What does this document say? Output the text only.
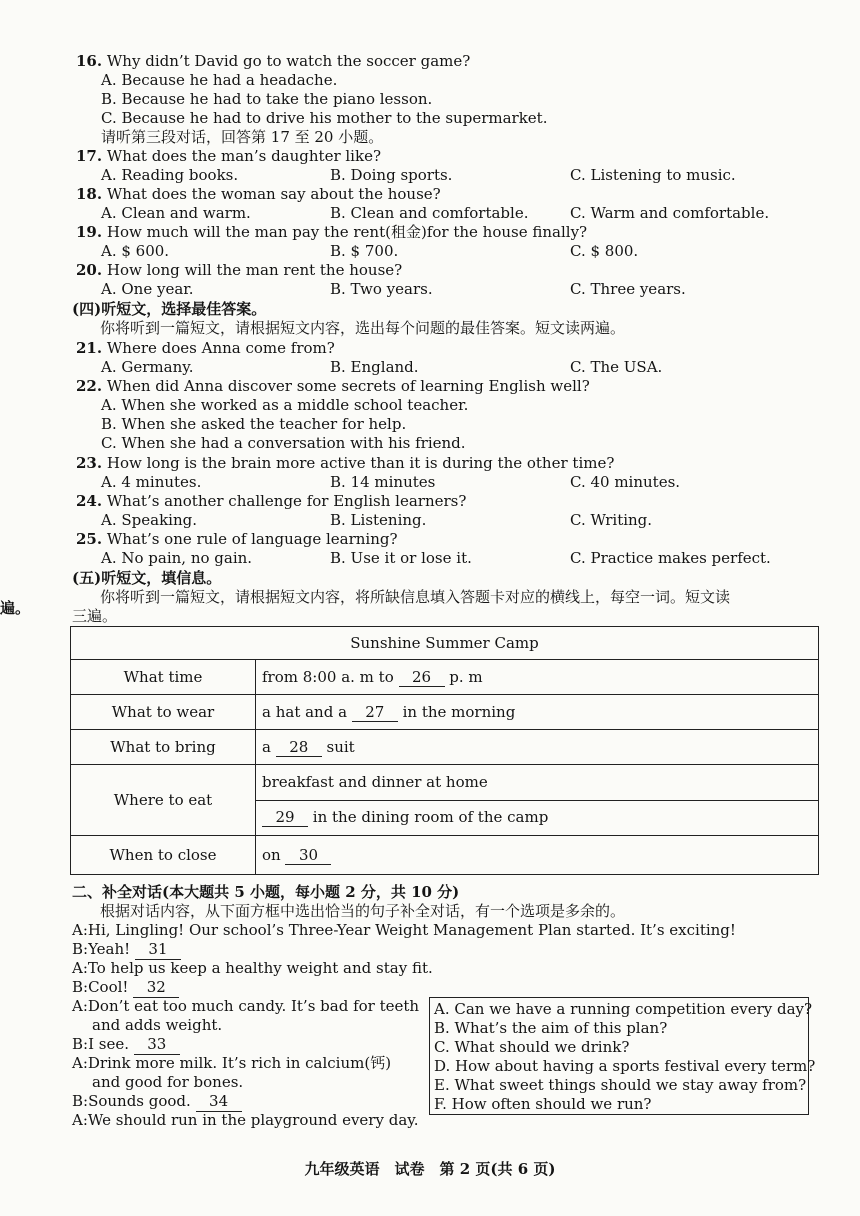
16. Why didn’t David go to watch the soccer game?
A. Because he had a headache.
B. Because he had to take the piano lesson.
C. Because he had to drive his mother to the supermarket.
请听第三段对话，回答第 17 至 20 小题。
17. What does the man’s daughter like?
A. Reading books.	B. Doing sports.	C. Listening to music.
18. What does the woman say about the house?
A. Clean and warm.	B. Clean and comfortable.	C. Warm and comfortable.
19. How much will the man pay the rent(租金)for the house finally?
A. $ 600.	B. $ 700.	C. $ 800.
20. How long will the man rent the house?
A. One year.	B. Two years.	C. Three years.
(四)听短文，选择最佳答案。
你将听到一篇短文，请根据短文内容，选出每个问题的最佳答案。短文读两遍。
21. Where does Anna come from?
A. Germany.	B. England.	C. The USA.
22. When did Anna discover some secrets of learning English well?
A. When she worked as a middle school teacher.
B. When she asked the teacher for help.
C. When she had a conversation with his friend.
23. How long is the brain more active than it is during the other time?
A. 4 minutes.	B. 14 minutes	C. 40 minutes.
24. What’s another challenge for English learners?
A. Speaking.	B. Listening.	C. Writing.
25. What’s one rule of language learning?
A. No pain, no gain.	B. Use it or lose it.	C. Practice makes perfect.
(五)听短文，填信息。
你将听到一篇短文，请根据短文内容，将所缺信息填入答题卡对应的横线上，每空一词。短文读
三遍。
遍。
Sunshine Summer Camp	
What time	from 8:00 a. m to 26 p. m
What to wear	a hat and a 27 in the morning
What to bring	a 28 suit
Where to eat	breakfast and dinner at home
	29 in the dining room of the camp
When to close	on 30
二、补全对话(本大题共 5 小题，每小题 2 分，共 10 分)
根据对话内容，从下面方框中选出恰当的句子补全对话，有一个选项是多余的。
A:Hi, Lingling! Our school’s Three-Year Weight Management Plan started. It’s exciting!
B:Yeah! 31
A:To help us keep a healthy weight and stay fit.
B:Cool! 32
A:Don’t eat too much candy. It’s bad for teeth
and adds weight.
B:I see. 33
A:Drink more milk. It’s rich in calcium(钙)
and good for bones.
B:Sounds good. 34
A:We should run in the playground every day.
A. Can we have a running competition every day?
B. What’s the aim of this plan?
C. What should we drink?
D. How about having a sports festival every term?
E. What sweet things should we stay away from?
F. How often should we run?
九年级英语　试卷　第 2 页(共 6 页)
